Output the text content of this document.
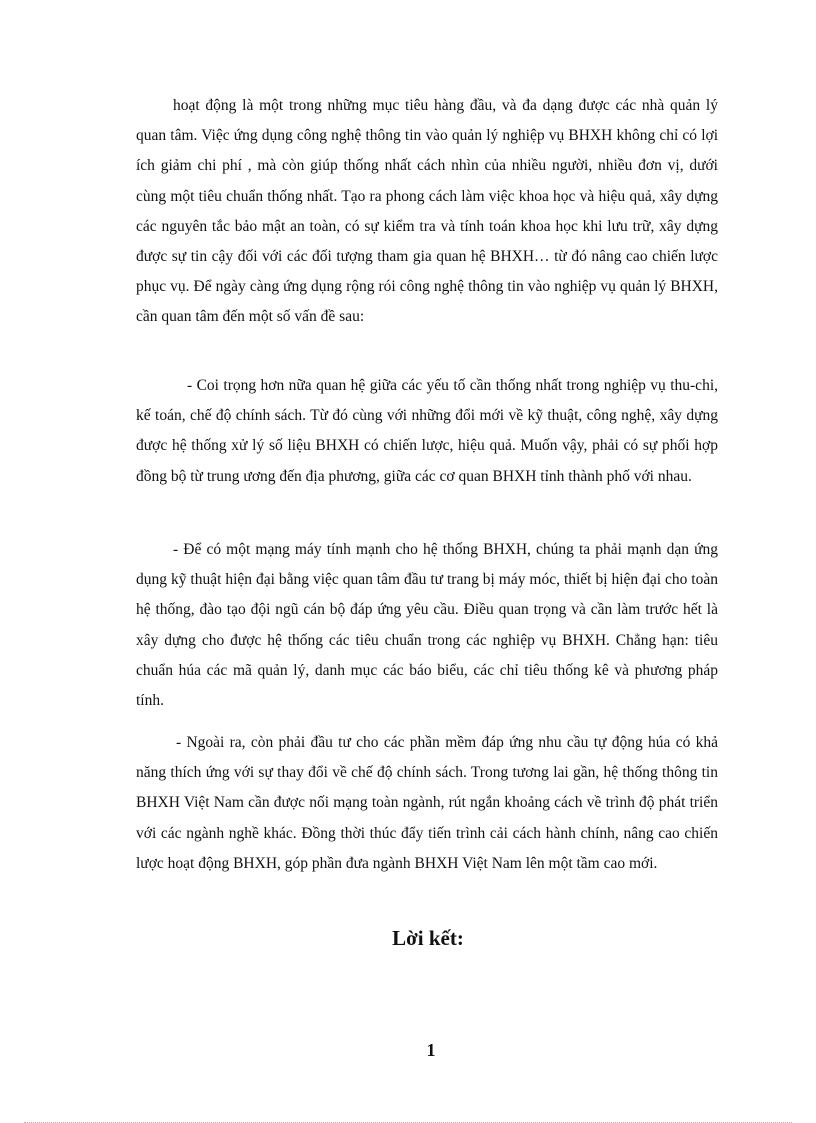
hoạt động là một trong những mục tiêu hàng đầu, và đa dạng được các nhà quản lý quan tâm. Việc ứng dụng công nghệ thông tin vào quản lý nghiệp vụ BHXH không chỉ có lợi ích giảm chi phí , mà còn giúp thống nhất cách nhìn của nhiều người, nhiều đơn vị, dưới cùng một tiêu chuẩn thống nhất. Tạo ra phong cách làm việc khoa học và hiệu quả, xây dựng các nguyên tắc bảo mật an toàn, có sự kiểm tra và tính toán khoa học khi lưu trữ, xây dựng được sự tin cậy đối với các đối tượng tham gia quan hệ BHXH… từ đó nâng cao chiến lược phục vụ. Để ngày càng ứng dụng rộng rói công nghệ thông tin vào nghiệp vụ quản lý BHXH, cần quan tâm đến một số vấn đề sau:

- Coi trọng hơn nữa quan hệ giữa các yếu tố cần thống nhất trong nghiệp vụ thu-chi, kế toán, chế độ chính sách. Từ đó cùng với những đổi mới về kỹ thuật, công nghệ, xây dựng được hệ thống xử lý số liệu BHXH có chiến lược, hiệu quả. Muốn vậy, phải có sự phối hợp đồng bộ từ trung ương đến địa phương, giữa các cơ quan BHXH tỉnh thành phố với nhau.

- Để có một mạng máy tính mạnh cho hệ thống BHXH, chúng ta phải mạnh dạn ứng dụng kỹ thuật hiện đại bằng việc quan tâm đầu tư trang bị máy móc, thiết bị hiện đại cho toàn hệ thống, đào tạo đội ngũ cán bộ đáp ứng yêu cầu. Điều quan trọng và cần làm trước hết là xây dựng cho được hệ thống các tiêu chuẩn trong các nghiệp vụ BHXH. Chẳng hạn: tiêu chuẩn húa các mã quản lý, danh mục các báo biểu, các chỉ tiêu thống kê và phương pháp tính.

- Ngoài ra, còn phải đầu tư cho các phần mềm đáp ứng nhu cầu tự động húa có khả năng thích ứng với sự thay đổi về chế độ chính sách. Trong tương lai gần, hệ thống thông tin BHXH Việt Nam cần được nối mạng toàn ngành, rút ngắn khoảng cách về trình độ phát triển với các ngành nghề khác. Đồng thời thúc đẩy tiến trình cải cách hành chính, nâng cao chiến lược hoạt động BHXH, góp phần đưa ngành BHXH Việt Nam lên một tầm cao mới.

Lời kết:
1
